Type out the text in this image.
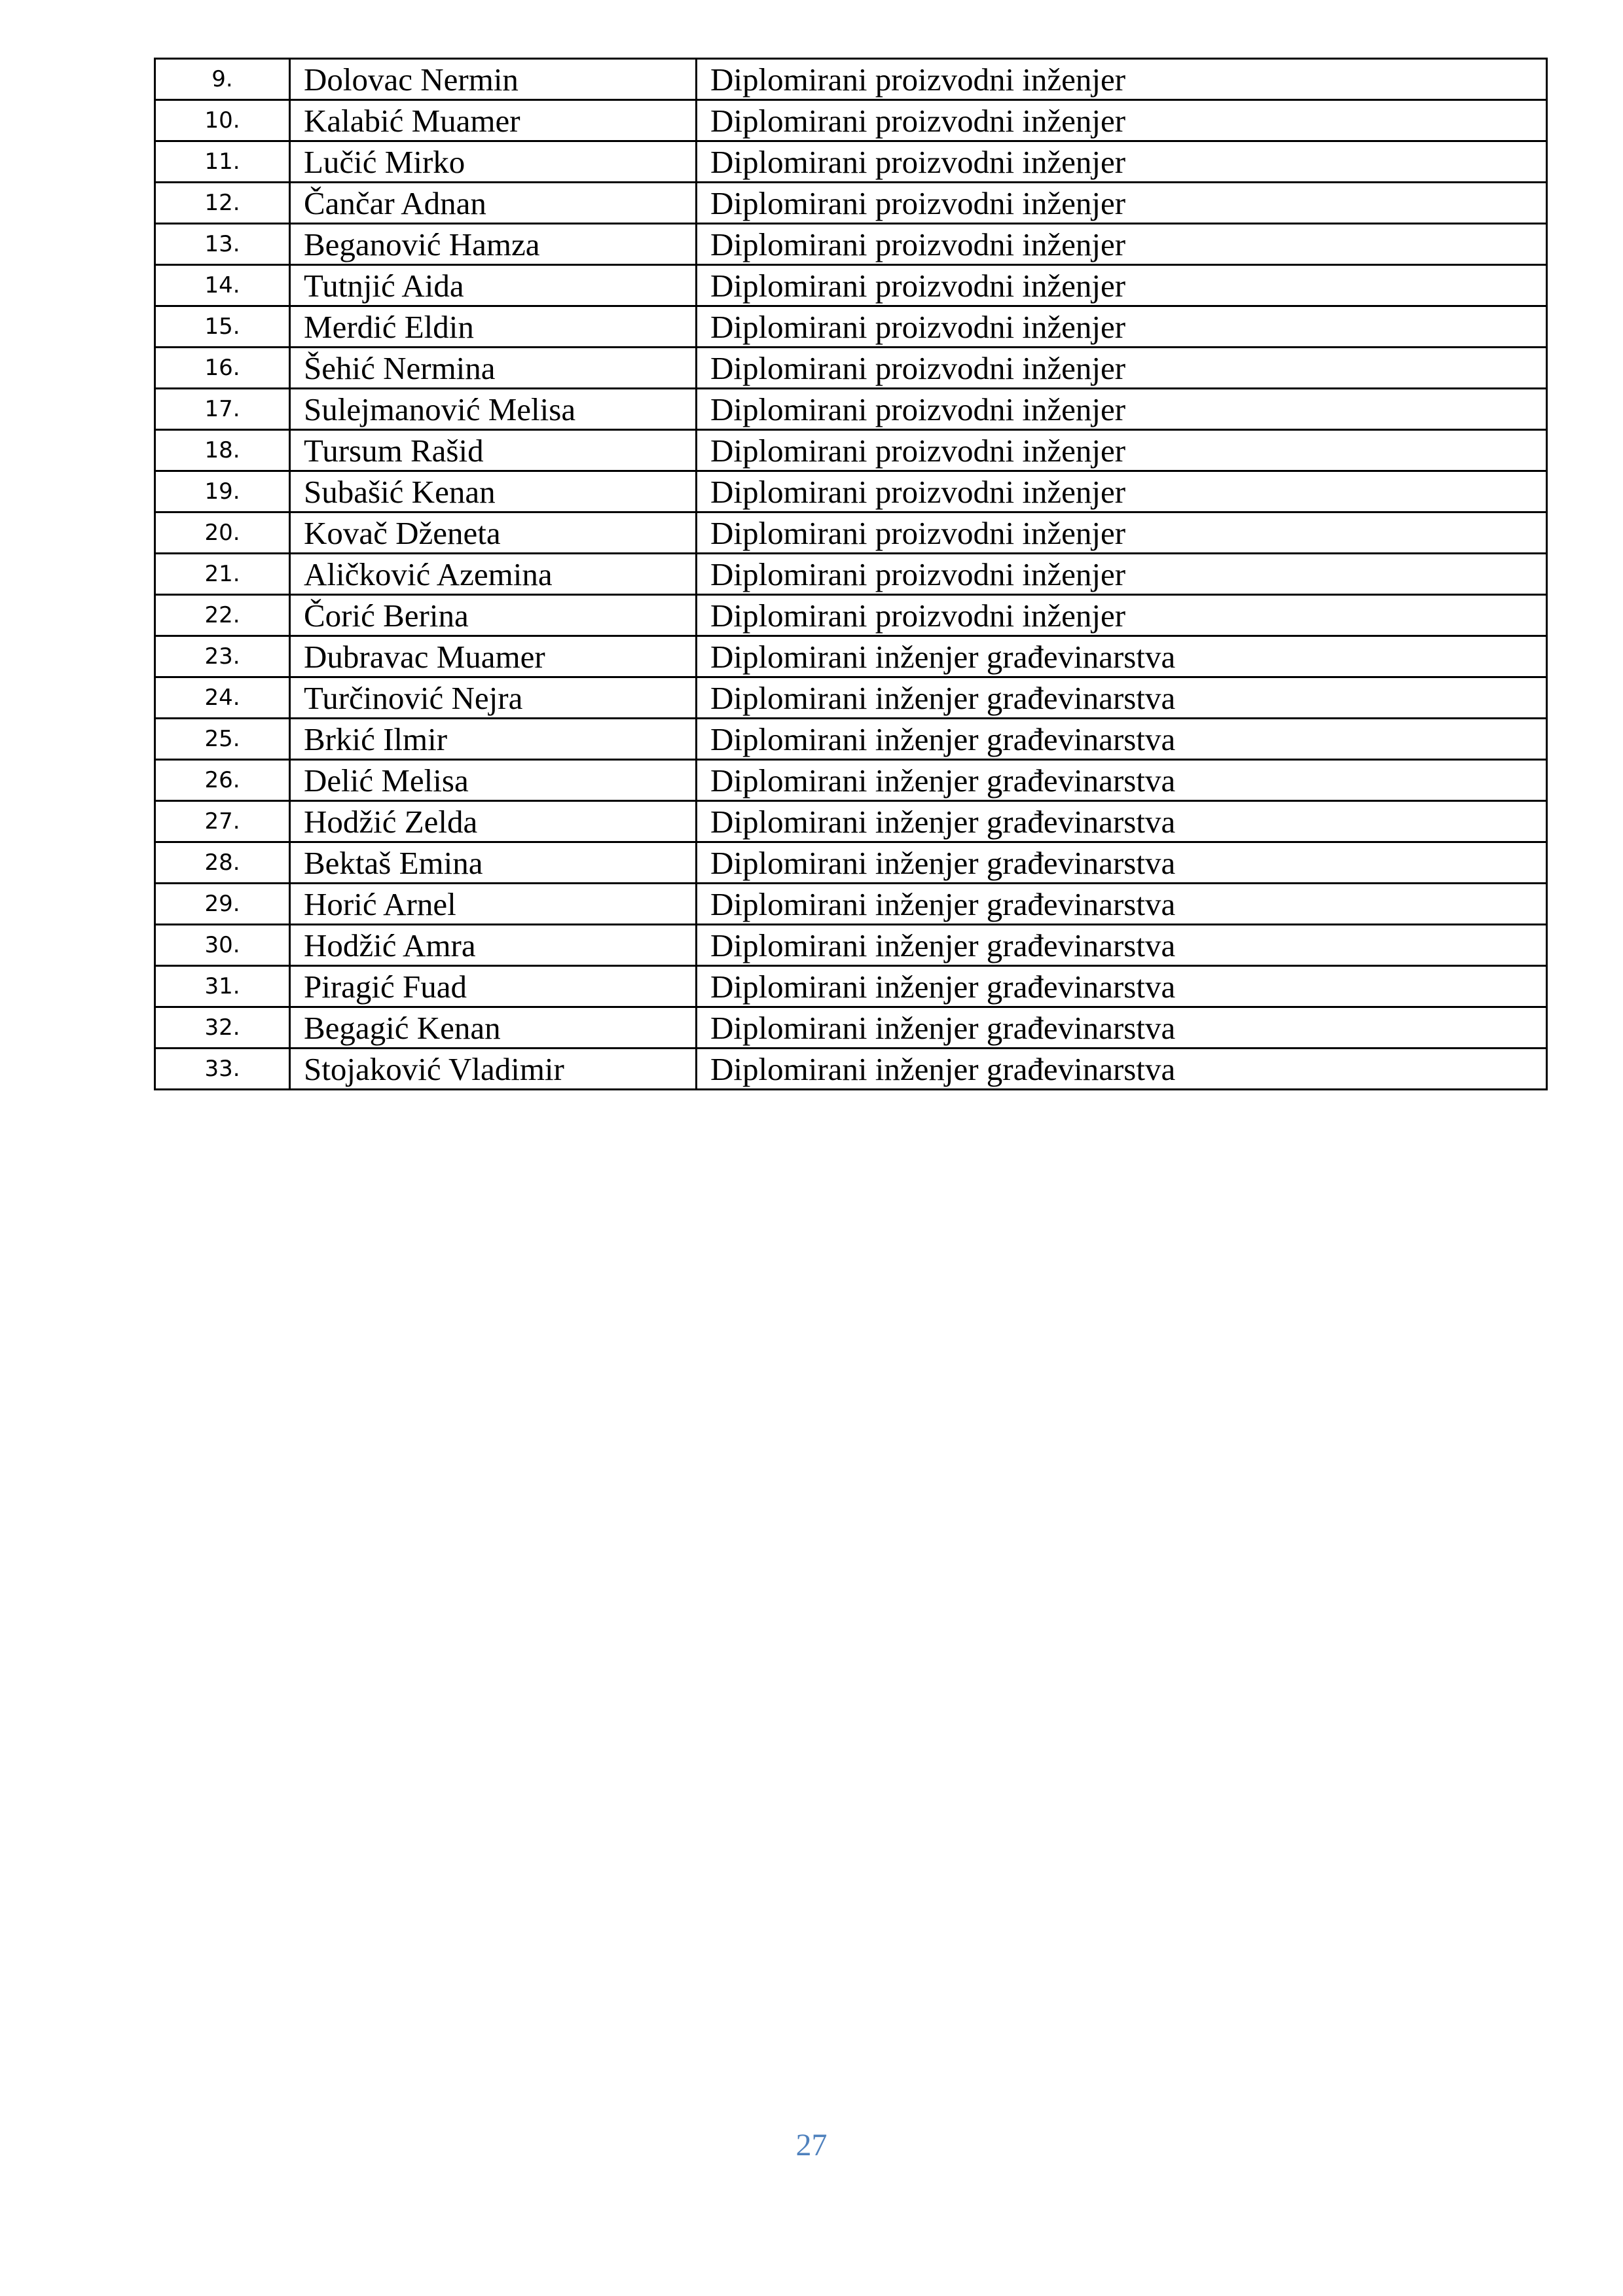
9.	Dolovac Nermin	Diplomirani proizvodni inženjer
10.	Kalabić Muamer	Diplomirani proizvodni inženjer
11.	Lučić Mirko	Diplomirani proizvodni inženjer
12.	Čančar Adnan	Diplomirani proizvodni inženjer
13.	Beganović Hamza	Diplomirani proizvodni inženjer
14.	Tutnjić Aida	Diplomirani proizvodni inženjer
15.	Merdić Eldin	Diplomirani proizvodni inženjer
16.	Šehić Nermina	Diplomirani proizvodni inženjer
17.	Sulejmanović Melisa	Diplomirani proizvodni inženjer
18.	Tursum Rašid	Diplomirani proizvodni inženjer
19.	Subašić Kenan	Diplomirani proizvodni inženjer
20.	Kovač Dženeta	Diplomirani proizvodni inženjer
21.	Aličković Azemina	Diplomirani proizvodni inženjer
22.	Čorić Berina	Diplomirani proizvodni inženjer
23.	Dubravac Muamer	Diplomirani inženjer građevinarstva
24.	Turčinović Nejra	Diplomirani inženjer građevinarstva
25.	Brkić Ilmir	Diplomirani inženjer građevinarstva
26.	Delić Melisa	Diplomirani inženjer građevinarstva
27.	Hodžić Zelda	Diplomirani inženjer građevinarstva
28.	Bektaš Emina	Diplomirani inženjer građevinarstva
29.	Horić Arnel	Diplomirani inženjer građevinarstva
30.	Hodžić Amra	Diplomirani inženjer građevinarstva
31.	Piragić Fuad	Diplomirani inženjer građevinarstva
32.	Begagić Kenan	Diplomirani inženjer građevinarstva
33.	Stojaković Vladimir	Diplomirani inženjer građevinarstva
27
